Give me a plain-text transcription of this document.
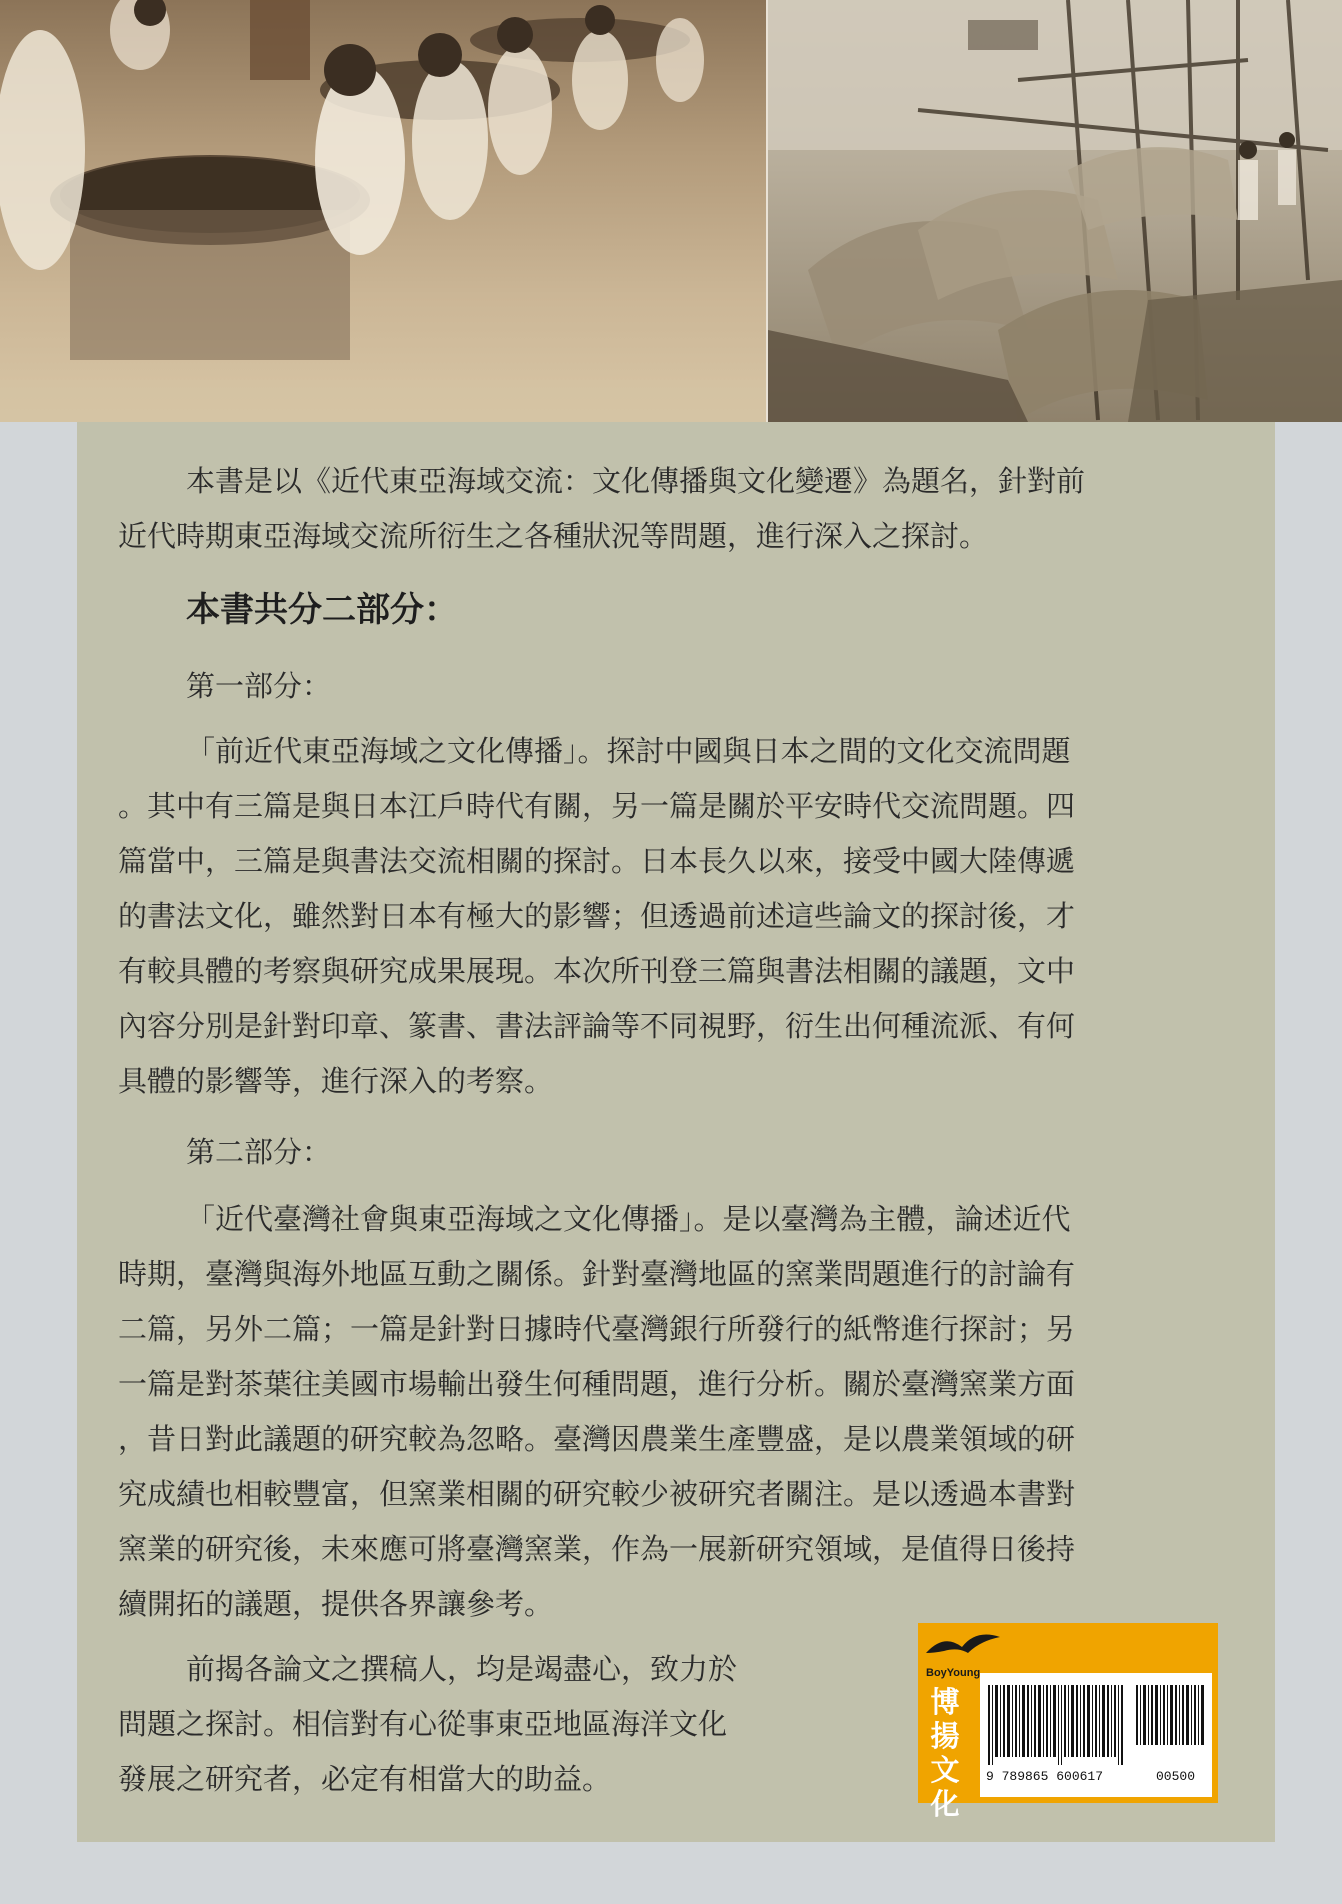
本書是以《近代東亞海域交流：文化傳播與文化變遷》為題名，針對前
近代時期東亞海域交流所衍生之各種狀況等問題，進行深入之探討。
本書共分二部分：
第一部分：
「前近代東亞海域之文化傳播」。探討中國與日本之間的文化交流問題
。其中有三篇是與日本江戶時代有關，另一篇是關於平安時代交流問題。四
篇當中，三篇是與書法交流相關的探討。日本長久以來，接受中國大陸傳遞
的書法文化，雖然對日本有極大的影響；但透過前述這些論文的探討後，才
有較具體的考察與研究成果展現。本次所刊登三篇與書法相關的議題，文中
內容分別是針對印章、篆書、書法評論等不同視野，衍生出何種流派、有何
具體的影響等，進行深入的考察。
第二部分：
「近代臺灣社會與東亞海域之文化傳播」。是以臺灣為主體，論述近代
時期，臺灣與海外地區互動之關係。針對臺灣地區的窯業問題進行的討論有
二篇，另外二篇；一篇是針對日據時代臺灣銀行所發行的紙幣進行探討；另
一篇是對茶葉往美國市場輸出發生何種問題，進行分析。關於臺灣窯業方面
，昔日對此議題的研究較為忽略。臺灣因農業生產豐盛，是以農業領域的研
究成績也相較豐富，但窯業相關的研究較少被研究者關注。是以透過本書對
窯業的研究後，未來應可將臺灣窯業，作為一展新研究領域，是值得日後持
續開拓的議題，提供各界讓參考。
前揭各論文之撰稿人，均是竭盡心，致力於
問題之探討。相信對有心從事東亞地區海洋文化
發展之研究者，必定有相當大的助益。
BoyYoung
博
揚
文
化
9 789865 600617	00500
